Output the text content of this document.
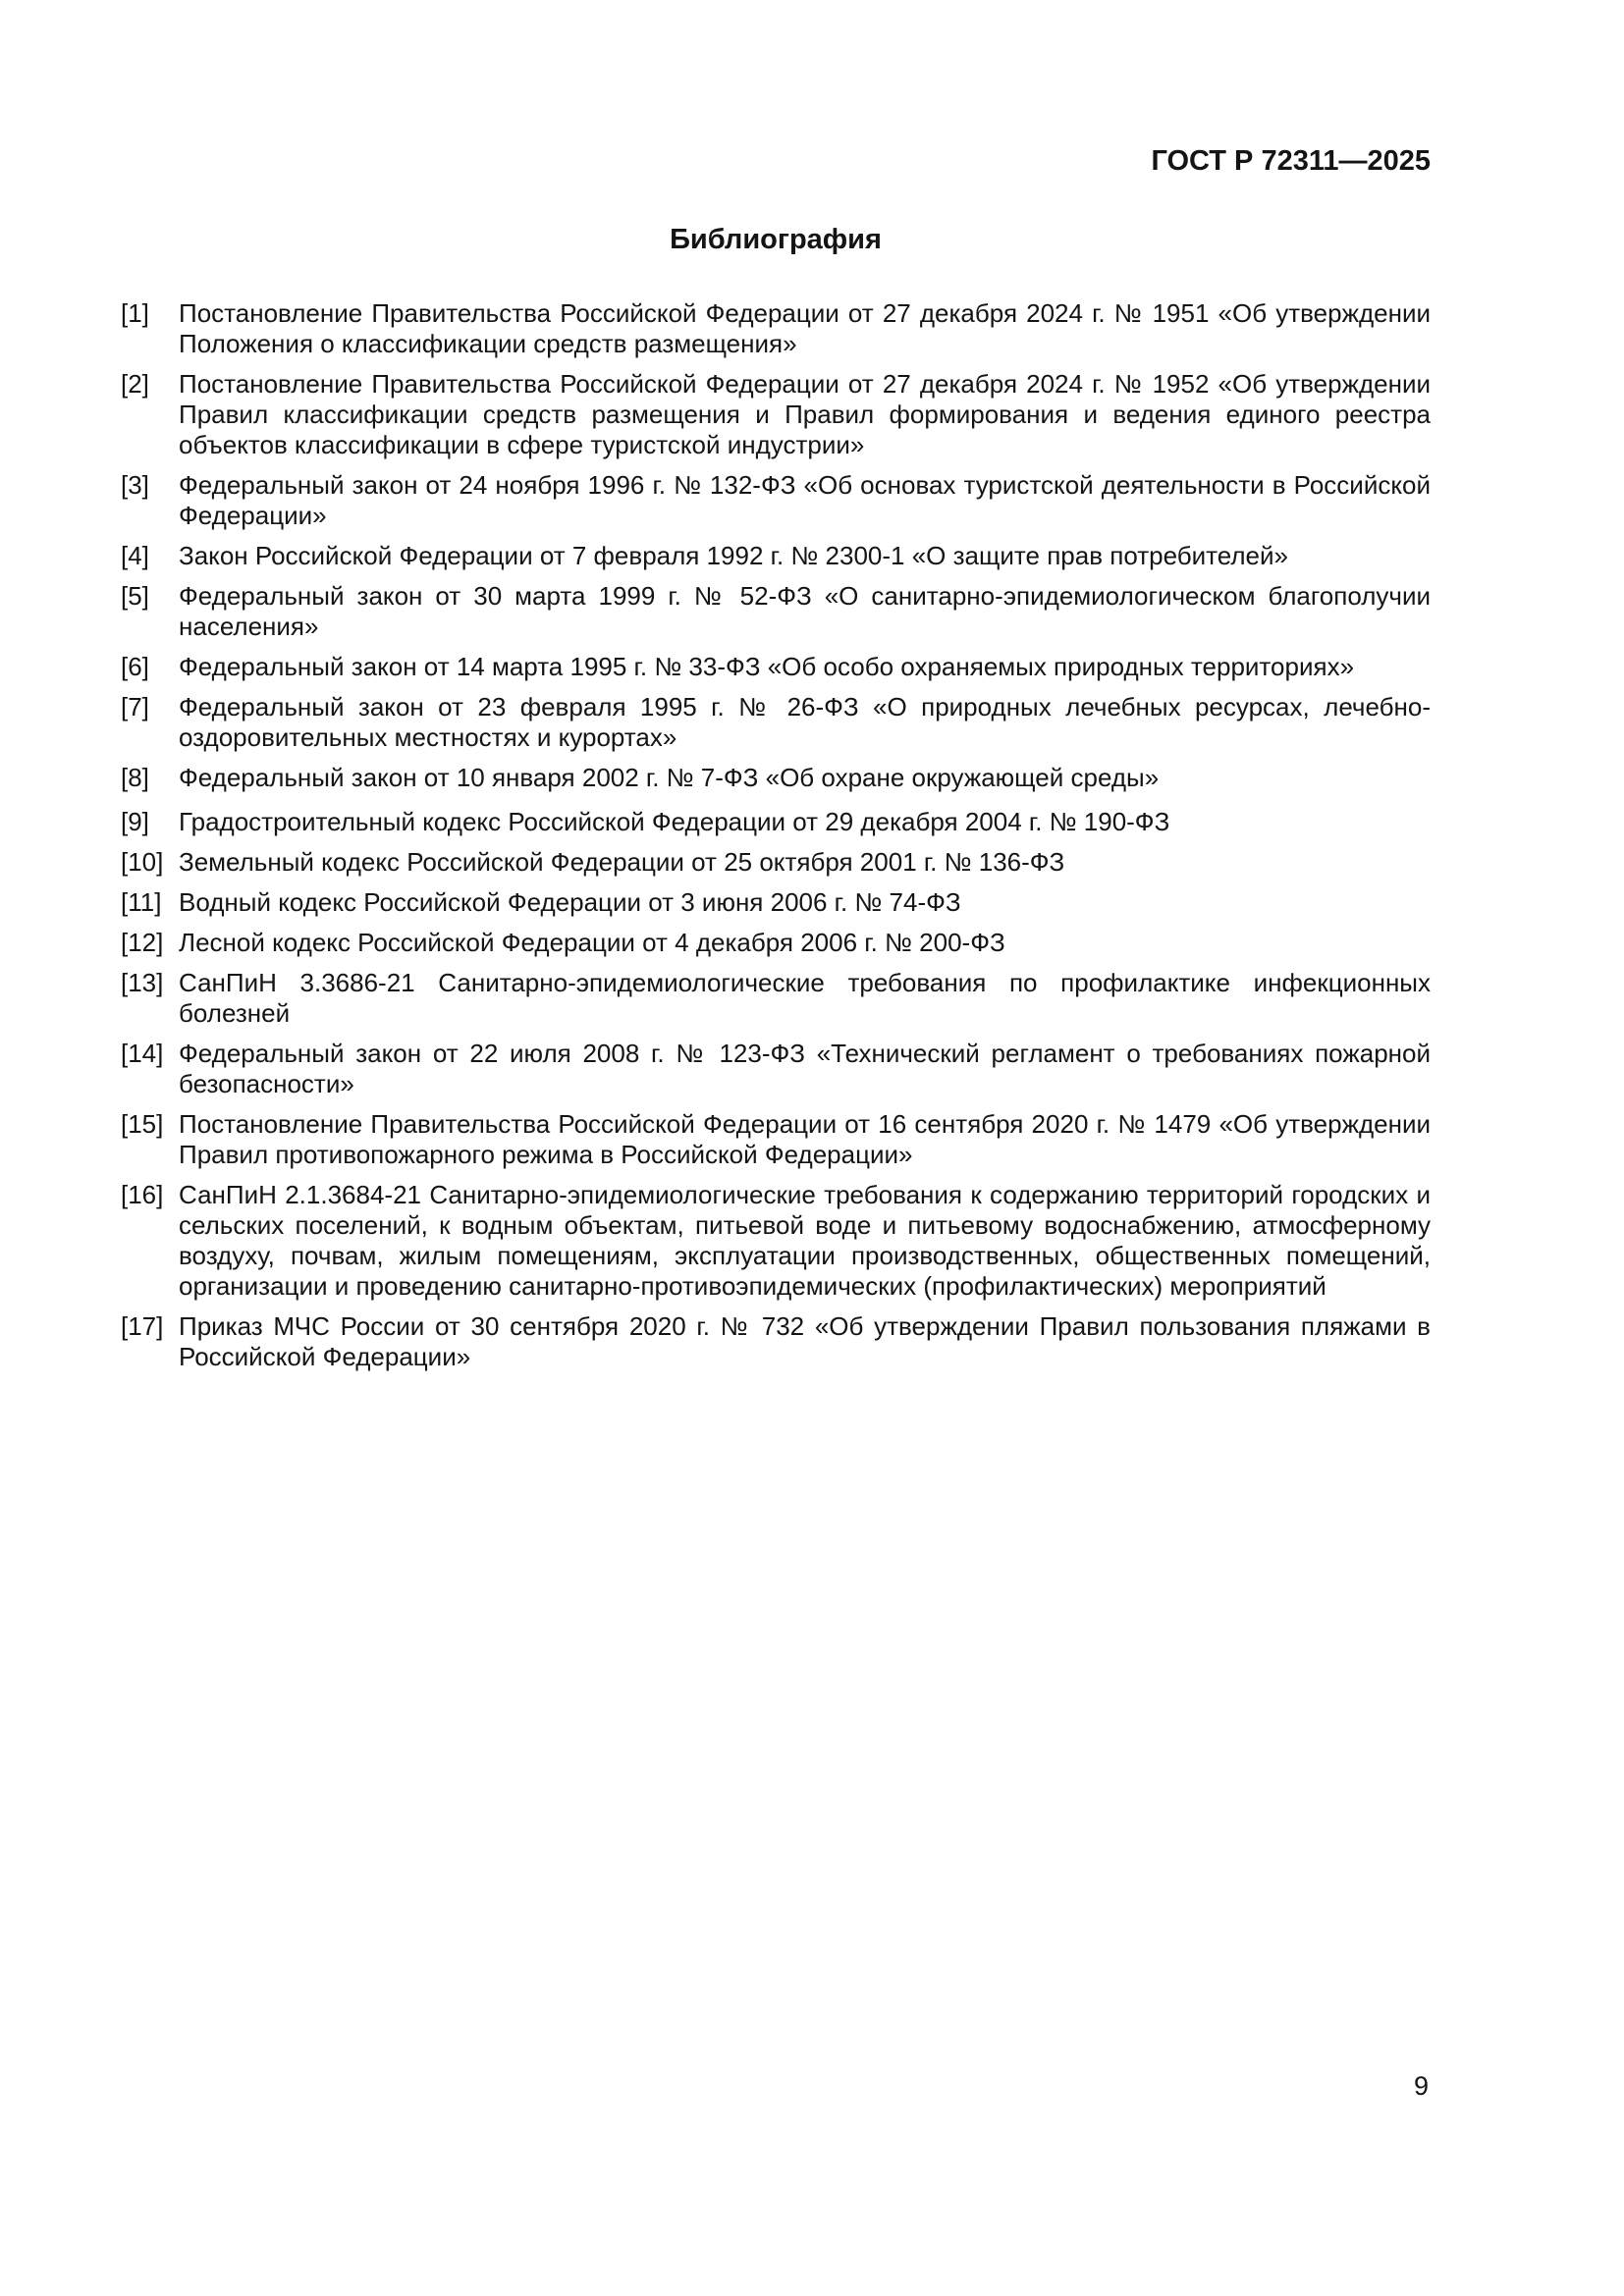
ГОСТ Р 72311—2025
Библиография
[1]	Постановление Правительства Российской Федерации от 27 декабря 2024 г. № 1951 «Об утверждении Положения о классификации средств размещения»
[2]	Постановление Правительства Российской Федерации от 27 декабря 2024 г. № 1952 «Об утверждении Правил классификации средств размещения и Правил формирования и ведения единого реестра объектов классификации в сфере туристской индустрии»
[3]	Федеральный закон от 24 ноября 1996 г. № 132-ФЗ «Об основах туристской деятельности в Российской Федерации»
[4]	Закон Российской Федерации от 7 февраля 1992 г. № 2300-1 «О защите прав потребителей»
[5]	Федеральный закон от 30 марта 1999 г. № 52-ФЗ «О санитарно-эпидемиологическом благополучии населения»
[6]	Федеральный закон от 14 марта 1995 г. № 33-ФЗ «Об особо охраняемых природных территориях»
[7]	Федеральный закон от 23 февраля 1995 г. № 26-ФЗ «О природных лечебных ресурсах, лечебно-оздоровительных местностях и курортах»
[8]	Федеральный закон от 10 января 2002 г. № 7-ФЗ «Об охране окружающей среды»
[9]	Градостроительный кодекс Российской Федерации от 29 декабря 2004 г. № 190-ФЗ
[10] Земельный кодекс Российской Федерации от 25 октября 2001 г. № 136-ФЗ
[11] Водный кодекс Российской Федерации от 3 июня 2006 г. № 74-ФЗ
[12] Лесной кодекс Российской Федерации от 4 декабря 2006 г. № 200-ФЗ
[13] СанПиН 3.3686-21 Санитарно-эпидемиологические требования по профилактике инфекционных болезней
[14] Федеральный закон от 22 июля 2008 г. № 123-ФЗ «Технический регламент о требованиях пожарной безопасности»
[15] Постановление Правительства Российской Федерации от 16 сентября 2020 г. № 1479 «Об утверждении Правил противопожарного режима в Российской Федерации»
[16] СанПиН 2.1.3684-21 Санитарно-эпидемиологические требования к содержанию территорий городских и сельских поселений, к водным объектам, питьевой воде и питьевому водоснабжению, атмосферному воздуху, почвам, жилым помещениям, эксплуатации производственных, общественных помещений, организации и проведению санитарно-противоэпидемических (профилактических) мероприятий
[17] Приказ МЧС России от 30 сентября 2020 г. № 732 «Об утверждении Правил пользования пляжами в Российской Федерации»
9
